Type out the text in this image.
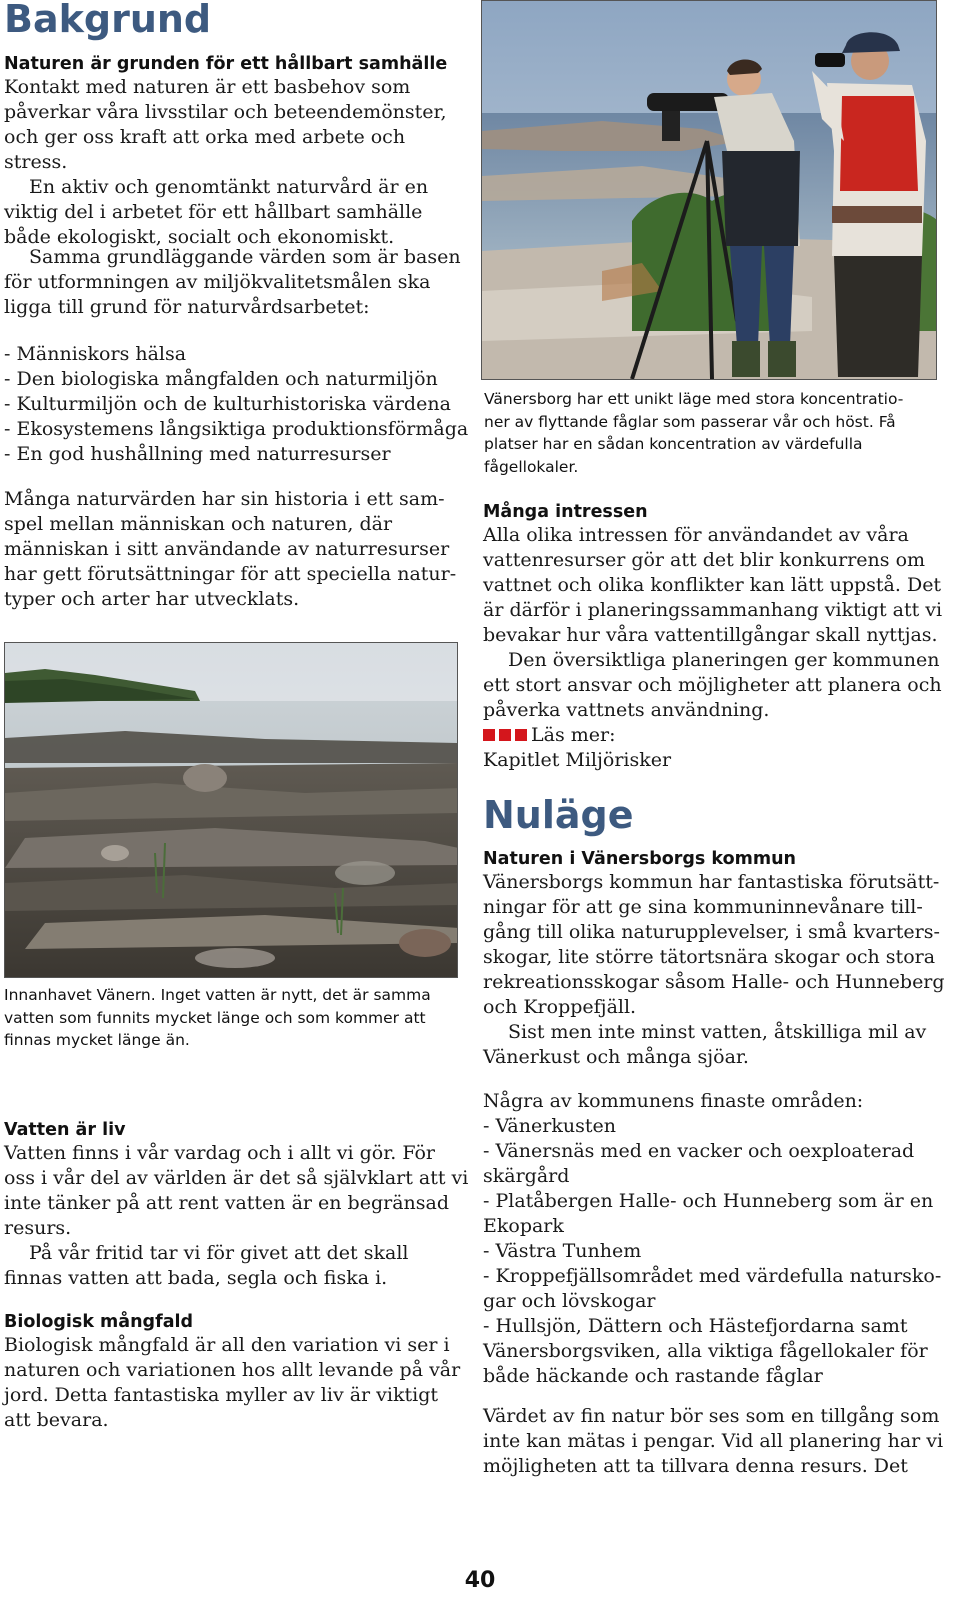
Bakgrund
Naturen är grunden för ett hållbart samhälle
Kontakt med naturen är ett basbehov som
påverkar våra livsstilar och beteendemönster,
och ger oss kraft att orka med arbete och stress.
En aktiv och genomtänkt naturvård är en
viktig del i arbetet för ett hållbart samhälle
både ekologiskt, socialt och ekonomiskt.
Samma grundläggande värden som är basen
för utformningen av miljökvalitetsmålen ska
ligga till grund för naturvårdsarbetet:
- Människors hälsa
- Den biologiska mångfalden och naturmiljön
- Kulturmiljön och de kulturhistoriska värdena
- Ekosystemens långsiktiga produktionsförmåga
- En god hushållning med naturresurser
Många naturvärden har sin historia i ett sam-
spel mellan människan och naturen, där
människan i sitt användande av naturresurser
har gett förutsättningar för att speciella natur-
typer och arter har utvecklats.
Innanhavet Vänern. Inget vatten är nytt, det är samma
vatten som funnits mycket länge och som kommer att
finnas mycket länge än.
Vatten är liv
Vatten finns i vår vardag och i allt vi gör. För
oss i vår del av världen är det så självklart att vi
inte tänker på att rent vatten är en begränsad
resurs.
På vår fritid tar vi för givet att det skall
finnas vatten att bada, segla och fiska i.
Biologisk mångfald
Biologisk mångfald är all den variation vi ser i
naturen och variationen hos allt levande på vår
jord. Detta fantastiska myller av liv är viktigt
att bevara.
Vänersborg har ett unikt läge med stora koncentratio-
ner av flyttande fåglar som passerar vår och höst. Få
platser har en sådan koncentration av värdefulla
fågellokaler.
Många intressen
Alla olika intressen för användandet av våra
vattenresurser gör att det blir konkurrens om
vattnet och olika konflikter kan lätt uppstå. Det
är därför i planeringssammanhang viktigt att vi
bevakar hur våra vattentillgångar skall nyttjas.
Den översiktliga planeringen ger kommunen
ett stort ansvar och möjligheter att planera och
påverka vattnets användning.
Läs mer:
Kapitlet Miljörisker
Nuläge
Naturen i Vänersborgs kommun
Vänersborgs kommun har fantastiska förutsätt-
ningar för att ge sina kommuninnevånare till-
gång till olika naturupplevelser, i små kvarters-
skogar, lite större tätortsnära skogar och stora
rekreationsskogar såsom Halle- och Hunneberg
och Kroppefjäll.
Sist men inte minst vatten, åtskilliga mil av
Vänerkust och många sjöar.
Några av kommunens finaste områden:
- Vänerkusten
- Vänersnäs med en vacker och oexploaterad
skärgård
- Platåbergen Halle- och Hunneberg som är en
Ekopark
- Västra Tunhem
- Kroppefjällsområdet med värdefulla natursko-
gar och lövskogar
- Hullsjön, Dättern och Hästefjordarna samt
Vänersborgsviken, alla viktiga fågellokaler för
både häckande och rastande fåglar
Värdet av fin natur bör ses som en tillgång som
inte kan mätas i pengar. Vid all planering har vi
möjligheten att ta tillvara denna resurs. Det
40
